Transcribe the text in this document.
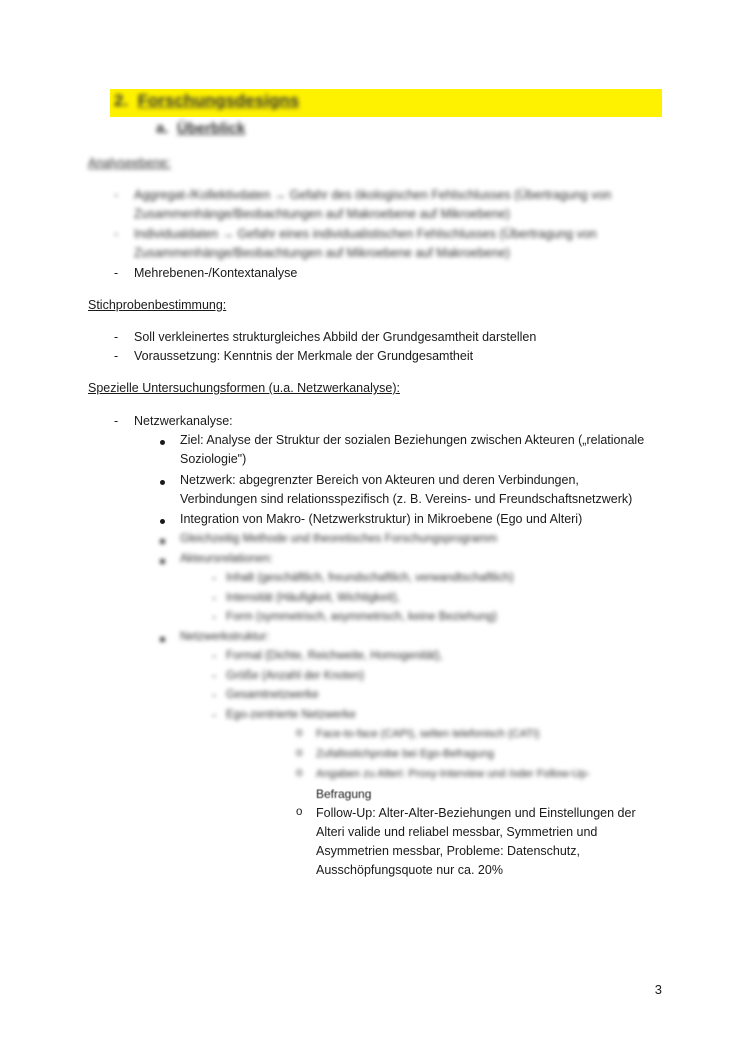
2. Forschungsdesigns
a. Überblick
Analyseebene:
- Aggregat-/Kollektivdaten → Gefahr des ökologischen Fehlschlusses (Übertragung von
Zusammenhänge/Beobachtungen auf Makroebene auf Mikroebene)
- Individualdaten → Gefahr eines individualistischen Fehlschlusses (Übertragung von
Zusammenhänge/Beobachtungen auf Mikroebene auf Makroebene)
- Mehrebenen-/Kontextanalyse
Stichprobenbestimmung:
- Soll verkleinertes strukturgleiches Abbild der Grundgesamtheit darstellen
- Voraussetzung: Kenntnis der Merkmale der Grundgesamtheit
Spezielle Untersuchungsformen (u.a. Netzwerkanalyse):
- Netzwerkanalyse:
Ziel: Analyse der Struktur der sozialen Beziehungen zwischen Akteuren („relationale
Soziologie")
Netzwerk: abgegrenzter Bereich von Akteuren und deren Verbindungen,
Verbindungen sind relationsspezifisch (z. B. Vereins- und Freundschaftsnetzwerk)
Integration von Makro- (Netzwerkstruktur) in Mikroebene (Ego und Alteri)
Gleichzeitig Methode und theoretisches Forschungsprogramm
Akteursrelationen:
- Inhalt (geschäftlich, freundschaftlich, verwandtschaftlich)
- Intensität (Häufigkeit, Wichtigkeit),
- Form (symmetrisch, asymmetrisch, keine Beziehung)
Netzwerkstruktur:
- Formal (Dichte, Reichweite, Homogenität),
- Größe (Anzahl der Knoten)
- Gesamtnetzwerke
- Ego-zentrierte Netzwerke
o Face-to-face (CAPI), selten telefonisch (CATI)
o Zufallsstichprobe bei Ego-Befragung
o Angaben zu Alteri: Proxy-Interview und /oder Follow-Up-
Befragung
o Follow-Up: Alter-Alter-Beziehungen und Einstellungen der
Alteri valide und reliabel messbar, Symmetrien und
Asymmetrien messbar, Probleme: Datenschutz,
Ausschöpfungsquote nur ca. 20%
3
